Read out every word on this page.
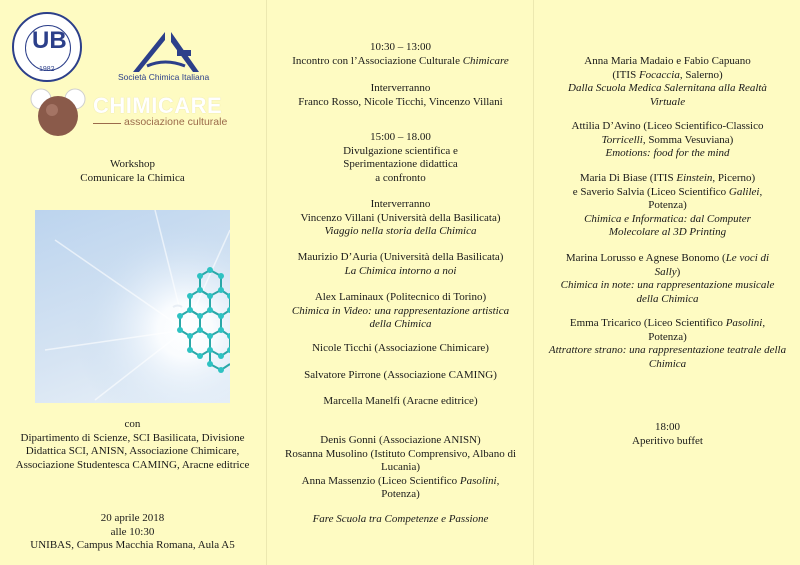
UB
1982
Società Chimica Italiana
CHIMICARE
associazione culturale

Workshop

Comunicare la Chimica

con

Dipartimento di Scienze, SCI Basilicata, Divisione Didattica SCI, ANISN, Associazione Chimicare, Associazione Studentesca CAMING, Aracne editrice

20 aprile 2018

alle 10:30

UNIBAS, Campus Macchia Romana, Aula A5

10:30 – 13:00

Incontro con l’Associazione Culturale Chimicare

Interverranno

Franco Rosso, Nicole Ticchi, Vincenzo Villani

15:00 – 18.00

Divulgazione scientifica e

Sperimentazione didattica

a confronto

Interverranno

Vincenzo Villani (Università della Basilicata)

Viaggio nella storia della Chimica

Maurizio D’Auria (Università della Basilicata)

La Chimica intorno a noi

Alex Laminaux (Politecnico di Torino)

Chimica in Video: una rappresentazione artistica della Chimica

Nicole Ticchi (Associazione Chimicare)

Salvatore Pirrone (Associazione CAMING)

Marcella Manelfi (Aracne editrice)

Denis Gonni (Associazione ANISN)

Rosanna Musolino (Istituto Comprensivo, Albano di Lucania)

Anna Massenzio (Liceo Scientifico Pasolini,

Potenza)

Fare Scuola tra Competenze e Passione

Anna Maria Madaio e Fabio Capuano

(ITIS Focaccia, Salerno)

Dalla Scuola Medica Salernitana alla Realtà Virtuale

Attilia D’Avino (Liceo Scientifico-Classico

Torricelli, Somma Vesuviana)

Emotions: food for the mind

Maria Di Biase (ITIS Einstein, Picerno)

e Saverio Salvia (Liceo Scientifico Galilei,

Potenza)

Chimica e Informatica: dal Computer Molecolare al 3D Printing

Marina Lorusso e Agnese Bonomo (Le voci di Sally)

Chimica in note: una rappresentazione musicale della Chimica

Emma Tricarico (Liceo Scientifico Pasolini,

Potenza)

Attrattore strano: una rappresentazione teatrale della Chimica

18:00

Aperitivo buffet
